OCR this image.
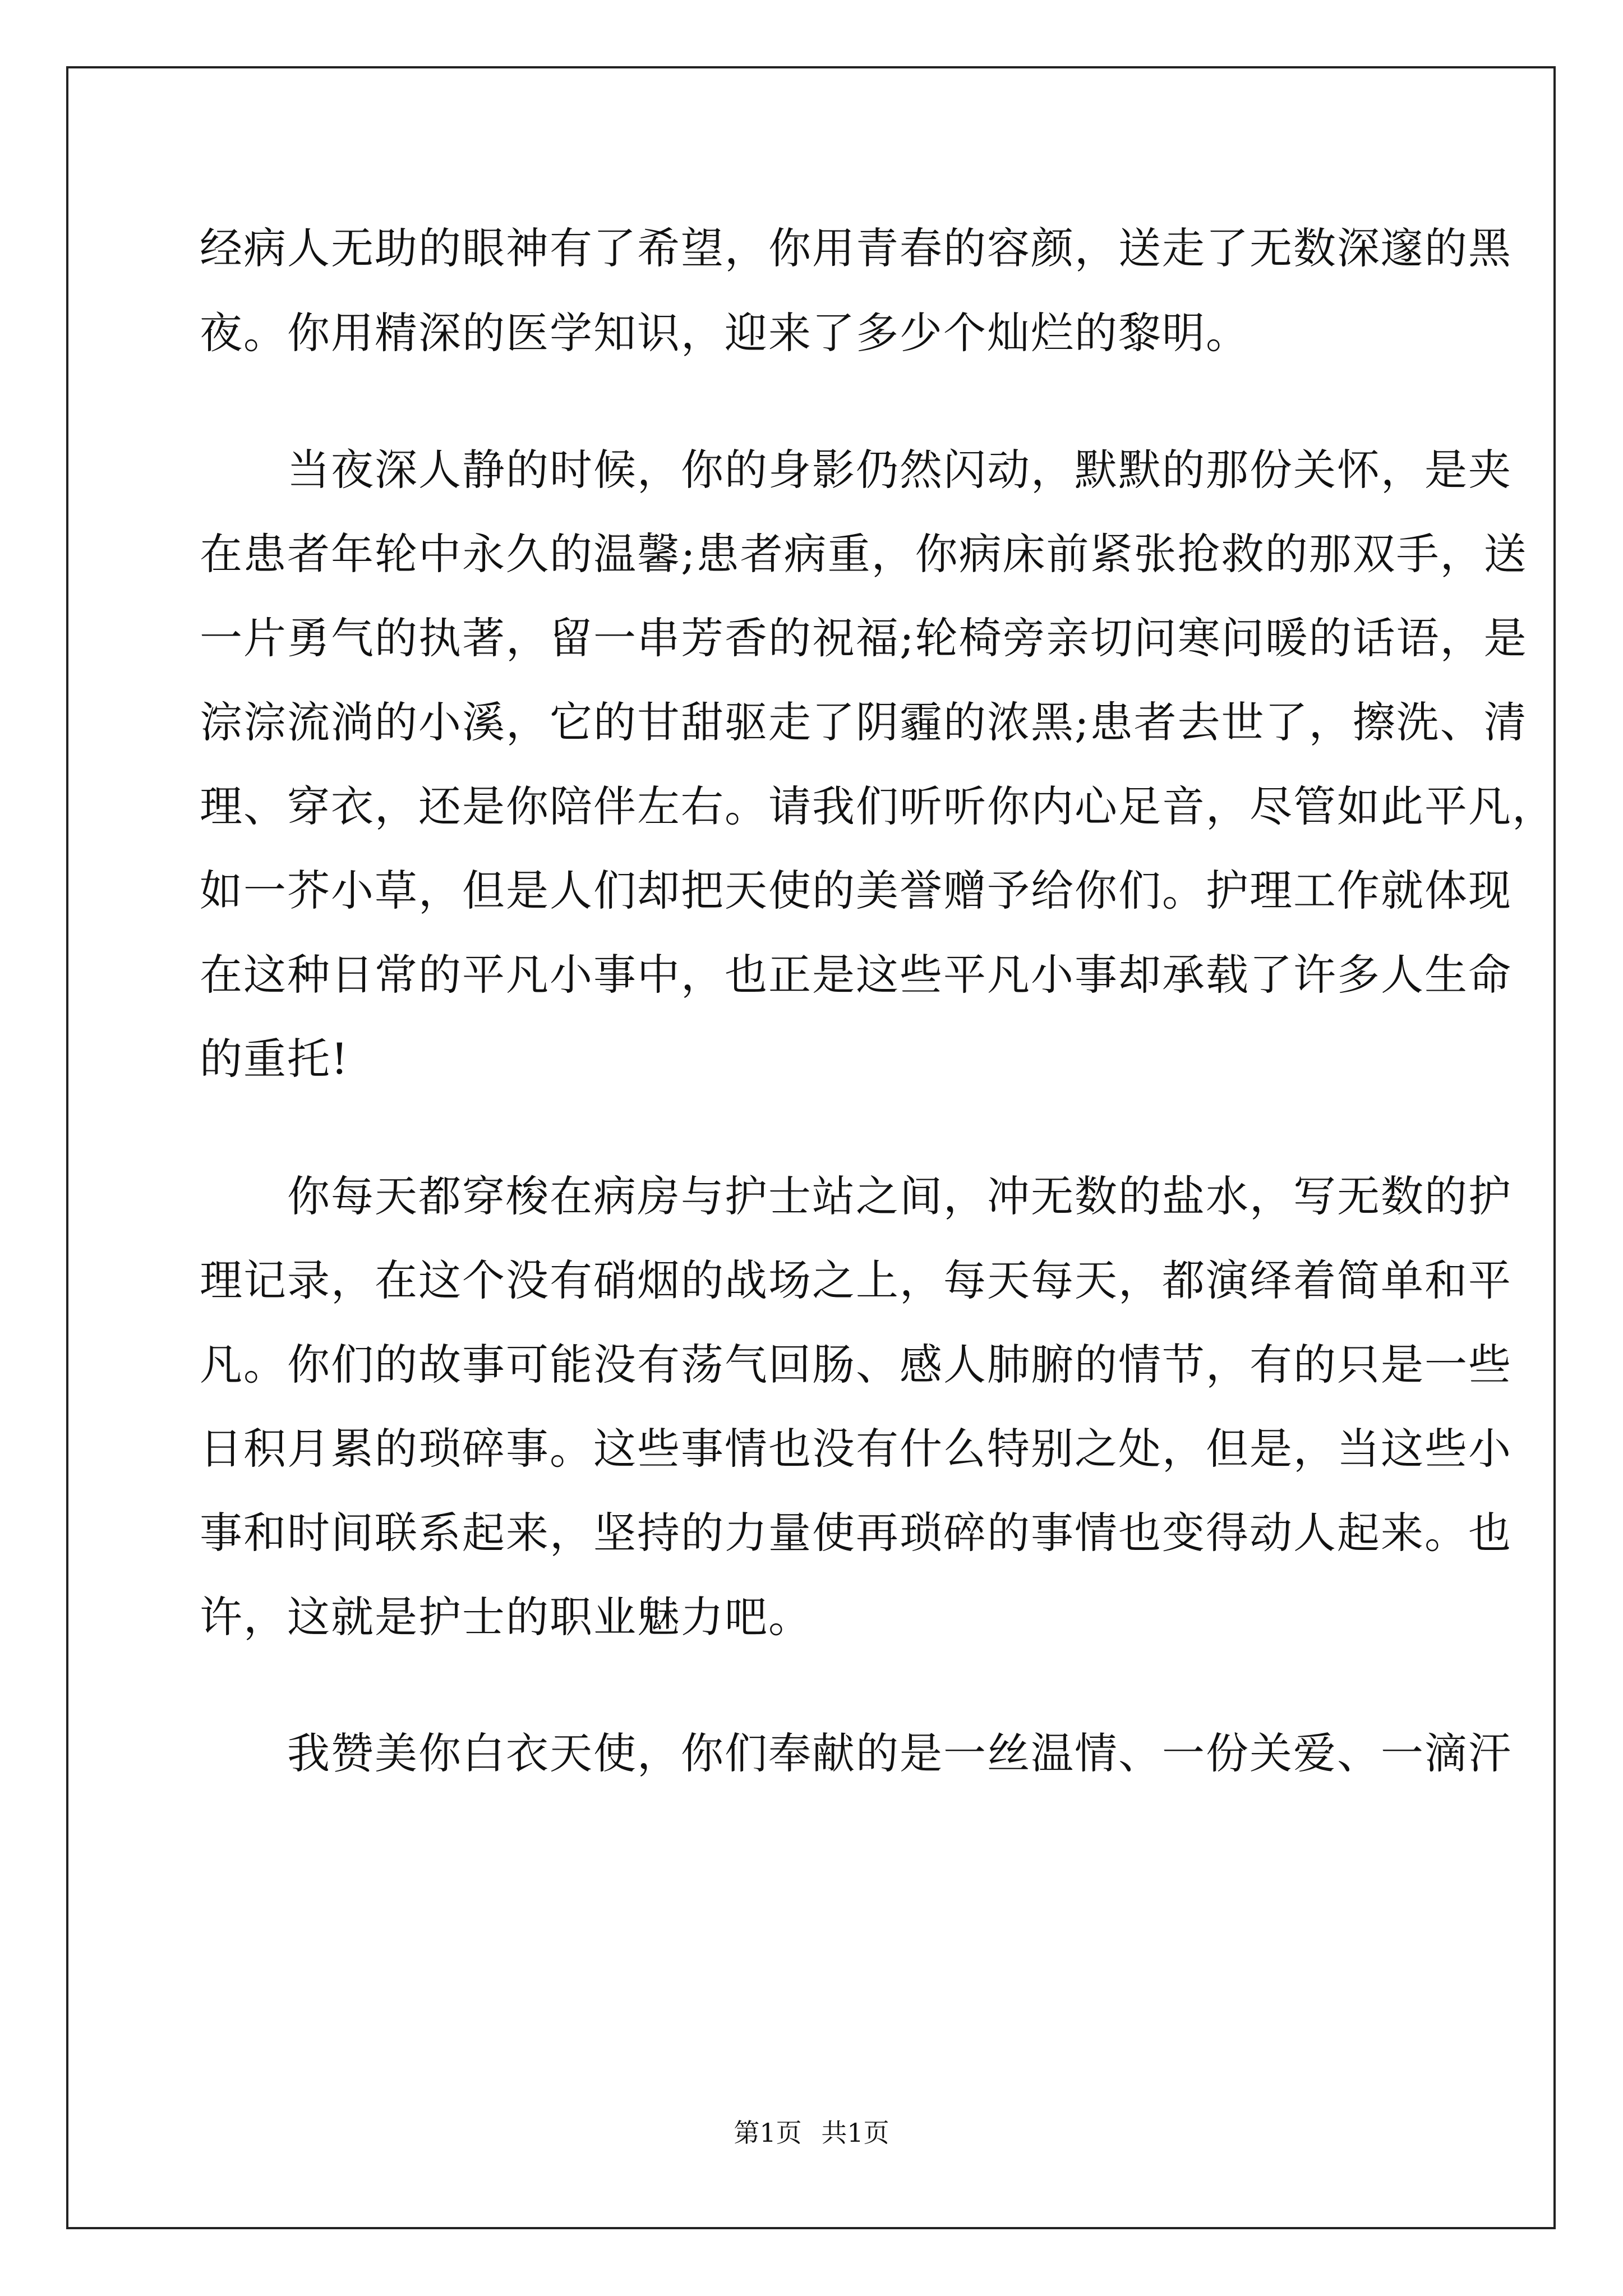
经病人无助的眼神有了希望，你用青春的容颜，送走了无数深邃的黑
夜。你用精深的医学知识，迎来了多少个灿烂的黎明。
　　当夜深人静的时候，你的身影仍然闪动，默默的那份关怀，是夹
在患者年轮中永久的温馨;患者病重，你病床前紧张抢救的那双手，送
一片勇气的执著，留一串芳香的祝福;轮椅旁亲切问寒问暖的话语，是
淙淙流淌的小溪，它的甘甜驱走了阴霾的浓黑;患者去世了，擦洗、清
理、穿衣，还是你陪伴左右。请我们听听你内心足音，尽管如此平凡，
如一芥小草，但是人们却把天使的美誉赠予给你们。护理工作就体现
在这种日常的平凡小事中，也正是这些平凡小事却承载了许多人生命
的重托!
　　你每天都穿梭在病房与护士站之间，冲无数的盐水，写无数的护
理记录，在这个没有硝烟的战场之上，每天每天，都演绎着简单和平
凡。你们的故事可能没有荡气回肠、感人肺腑的情节，有的只是一些
日积月累的琐碎事。这些事情也没有什么特别之处，但是，当这些小
事和时间联系起来，坚持的力量使再琐碎的事情也变得动人起来。也
许，这就是护士的职业魅力吧。
　　我赞美你白衣天使，你们奉献的是一丝温情、一份关爱、一滴汗
第1页 共1页
